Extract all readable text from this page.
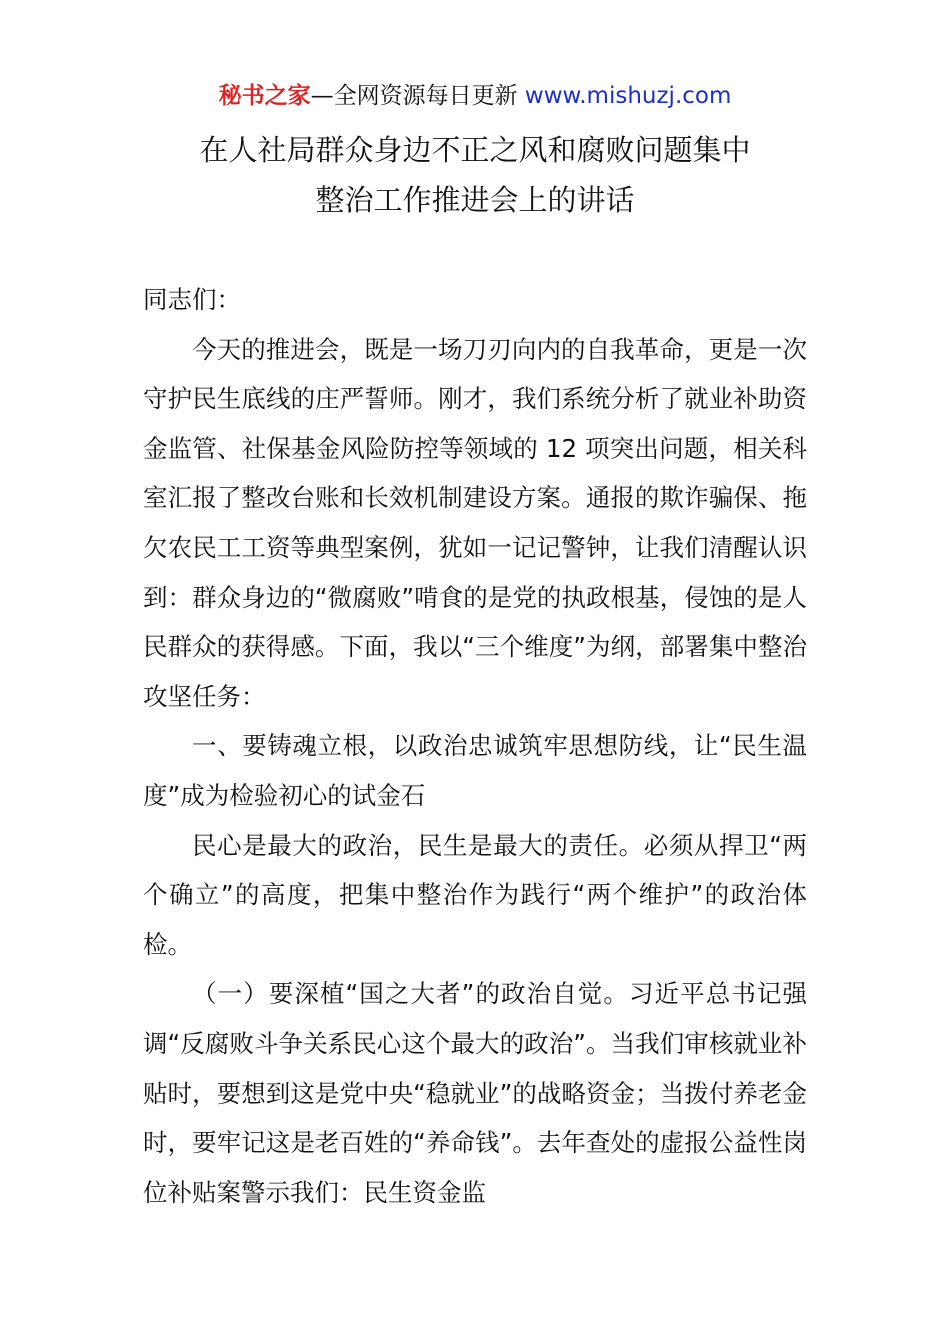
秘书之家—全网资源每日更新 www.mishuzj.com
在人社局群众身边不正之风和腐败问题集中
整治工作推进会上的讲话

同志们：

今天的推进会，既是一场刀刃向内的自我革命，更是一次守护民生底线的庄严誓师。刚才，我们系统分析了就业补助资金监管、社保基金风险防控等领域的 12 项突出问题，相关科室汇报了整改台账和长效机制建设方案。通报的欺诈骗保、拖欠农民工工资等典型案例，犹如一记记警钟，让我们清醒认识到：群众身边的“微腐败”啃食的是党的执政根基，侵蚀的是人民群众的获得感。下面，我以“三个维度”为纲，部署集中整治攻坚任务：

一、要铸魂立根，以政治忠诚筑牢思想防线，让“民生温度”成为检验初心的试金石

民心是最大的政治，民生是最大的责任。必须从捍卫“两个确立”的高度，把集中整治作为践行“两个维护”的政治体检。

（一）要深植“国之大者”的政治自觉。习近平总书记强调“反腐败斗争关系民心这个最大的政治”。当我们审核就业补贴时，要想到这是党中央“稳就业”的战略资金；当拨付养老金时，要牢记这是老百姓的“养命钱”。去年查处的虚报公益性岗位补贴案警示我们：民生资金监
